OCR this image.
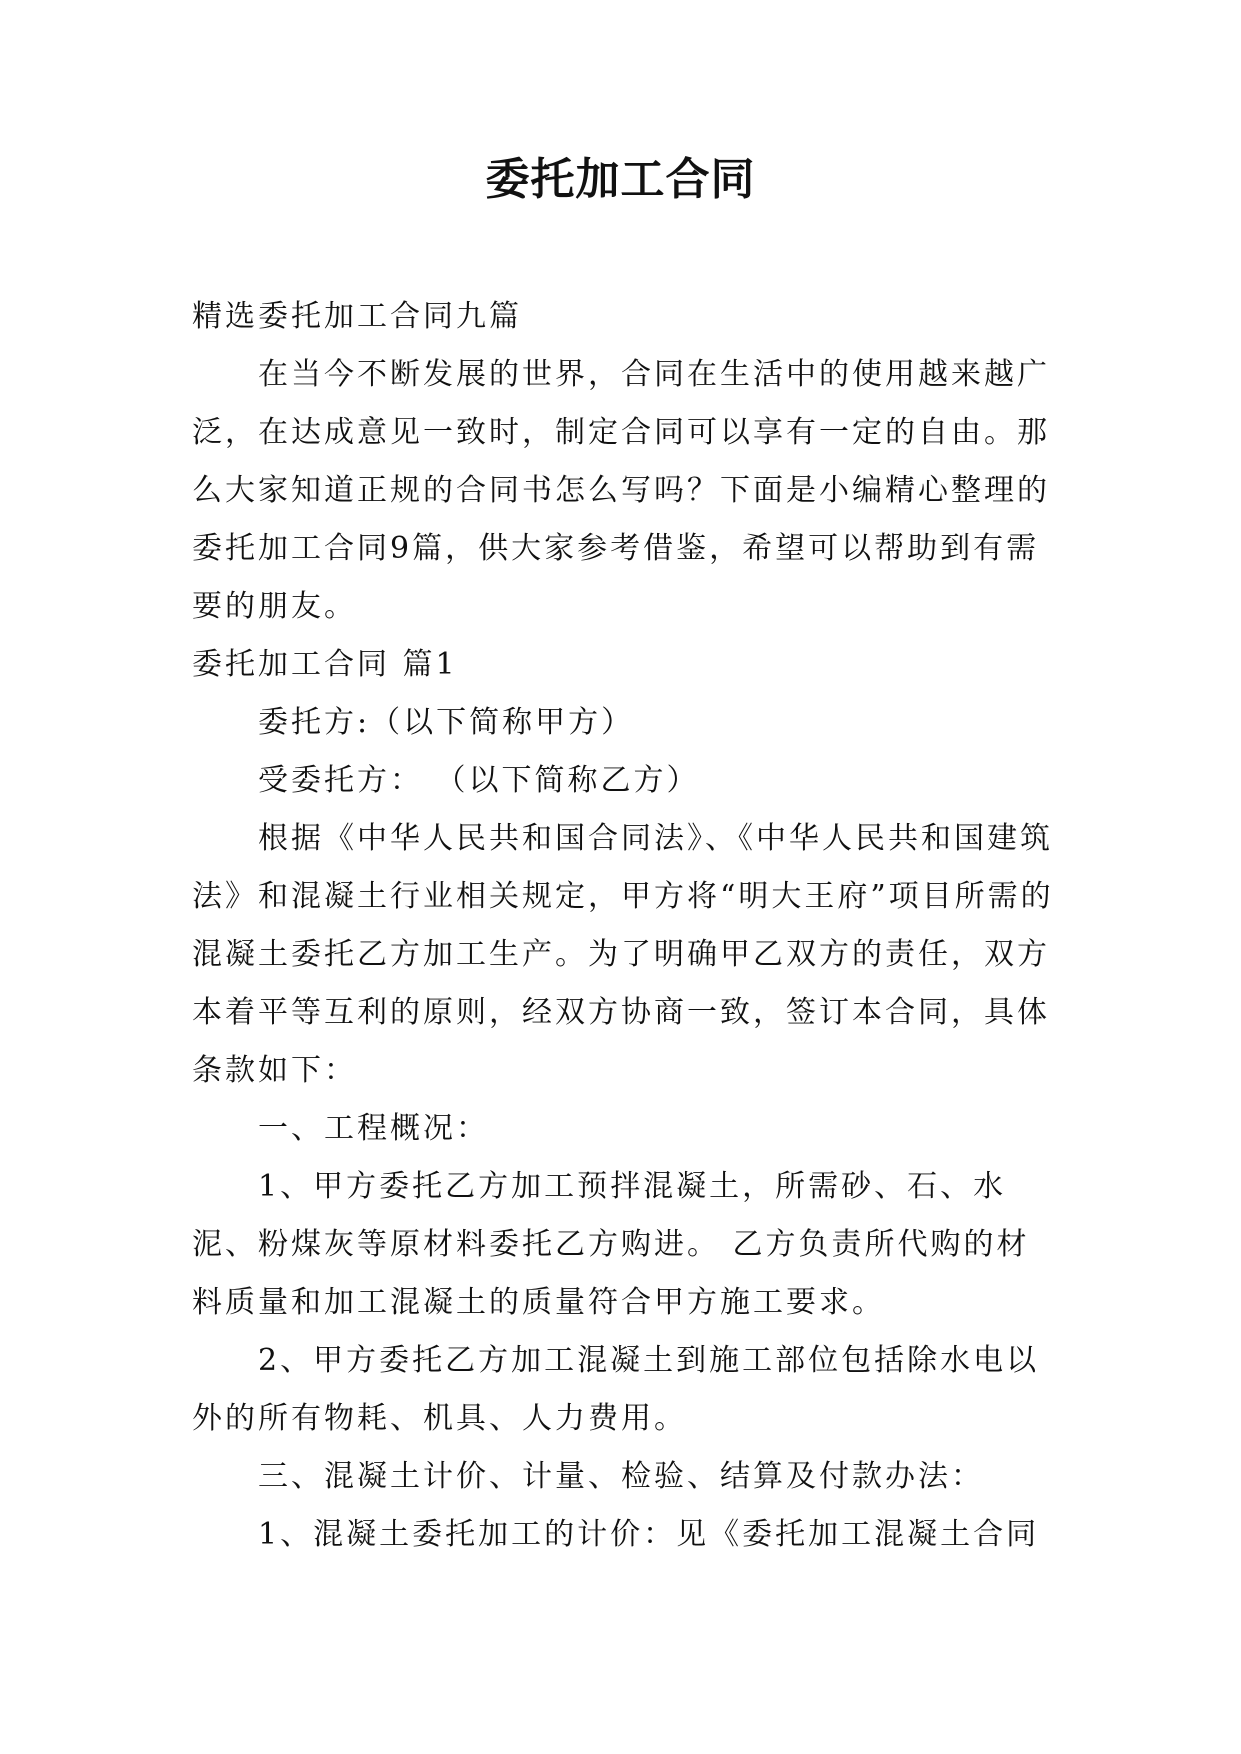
委托加工合同

精选委托加工合同九篇

在当今不断发展的世界，合同在生活中的使用越来越广泛，在达成意见一致时，制定合同可以享有一定的自由。那么大家知道正规的合同书怎么写吗？下面是小编精心整理的委托加工合同9篇，供大家参考借鉴，希望可以帮助到有需要的朋友。

委托加工合同 篇1

委托方:（以下简称甲方）

受委托方： （以下简称乙方）

根据《中华人民共和国合同法》、《中华人民共和国建筑法》和混凝土行业相关规定，甲方将“明大王府”项目所需的混凝土委托乙方加工生产。为了明确甲乙双方的责任，双方本着平等互利的原则，经双方协商一致，签订本合同，具体条款如下：

一、工程概况：

1、甲方委托乙方加工预拌混凝土，所需砂、石、水泥、粉煤灰等原材料委托乙方购进。 乙方负责所代购的材料质量和加工混凝土的质量符合甲方施工要求。

2、甲方委托乙方加工混凝土到施工部位包括除水电以外的所有物耗、机具、人力费用。

三、混凝土计价、计量、检验、结算及付款办法：

1、混凝土委托加工的计价：见《委托加工混凝土合同
